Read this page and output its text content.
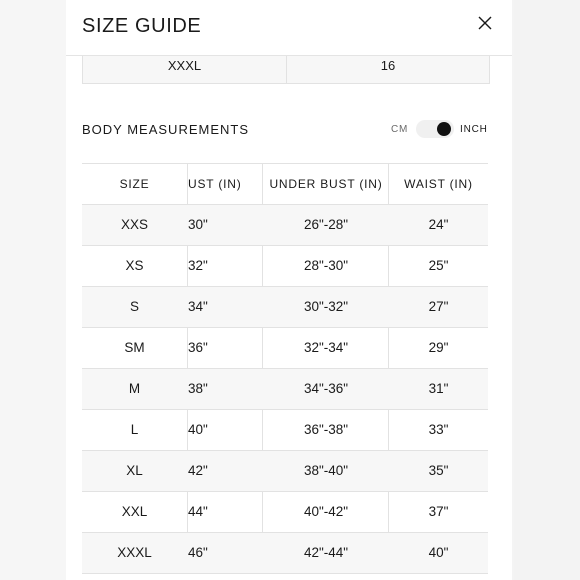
SIZE GUIDE
XXXL	16
BODY MEASUREMENTS	CM	INCH
SIZE	UST (IN)	UNDER BUST (IN)	WAIST (IN)
XXS	30"	26"-28"	24"
XS	32"	28"-30"	25"
S	34"	30"-32"	27"
SM	36"	32"-34"	29"
M	38"	34"-36"	31"
L	40"	36"-38"	33"
XL	42"	38"-40"	35"
XXL	44"	40"-42"	37"
XXXL	46"	42"-44"	40"
